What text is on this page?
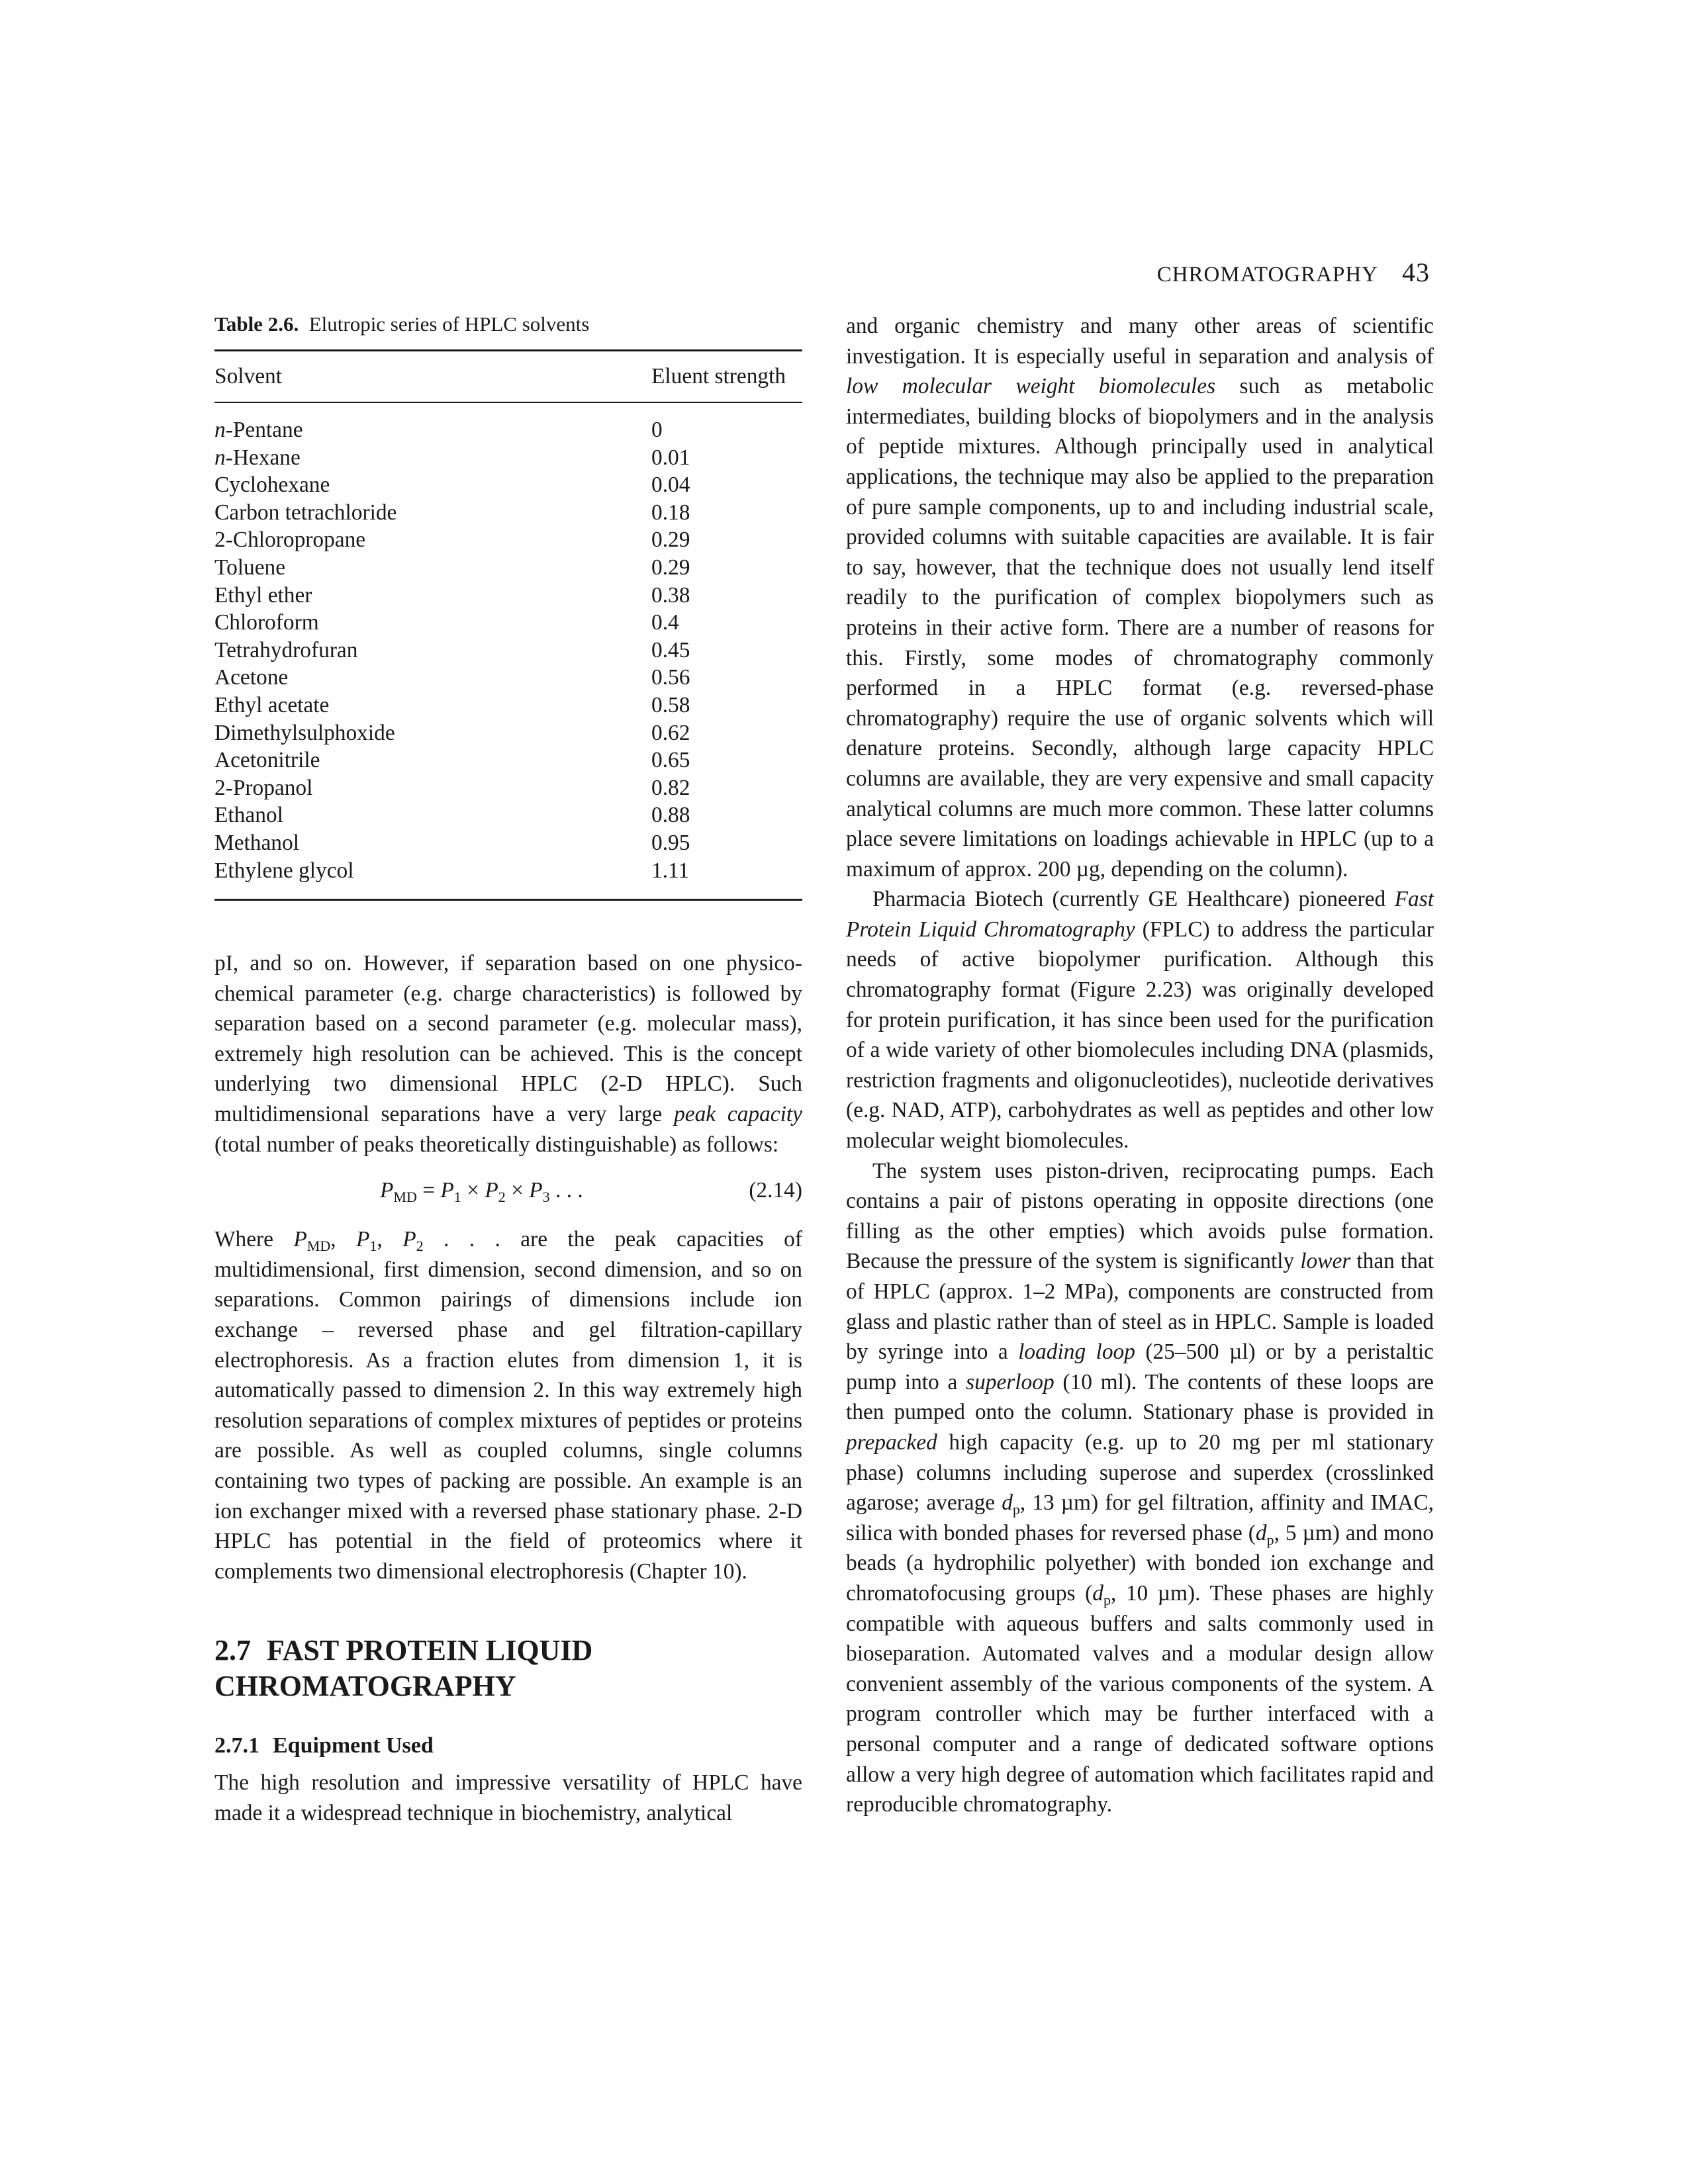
CHROMATOGRAPHY 43
Table 2.6. Elutropic series of HPLC solvents
Solvent	Eluent strength
n-Pentane	0
n-Hexane	0.01
Cyclohexane	0.04
Carbon tetrachloride	0.18
2-Chloropropane	0.29
Toluene	0.29
Ethyl ether	0.38
Chloroform	0.4
Tetrahydrofuran	0.45
Acetone	0.56
Ethyl acetate	0.58
Dimethylsulphoxide	0.62
Acetonitrile	0.65
2-Propanol	0.82
Ethanol	0.88
Methanol	0.95
Ethylene glycol	1.11

pI, and so on. However, if separation based on one physico-chemical parameter (e.g. charge characteristics) is followed by separation based on a second parameter (e.g. molecular mass), extremely high resolution can be achieved. This is the concept underlying two dimensional HPLC (2-D HPLC). Such multidimensional separations have a very large peak capacity (total number of peaks theoretically distinguishable) as follows:

$P_{MD} = P_1 \times P_2 \times P_3$ . . .	(2.14)

Where $P_{MD}$, $P_1$, $P_2$ . . . are the peak capacities of multidimensional, first dimension, second dimension, and so on separations. Common pairings of dimensions include ion exchange – reversed phase and gel filtration-capillary electrophoresis. As a fraction elutes from dimension 1, it is automatically passed to dimension 2. In this way extremely high resolution separations of complex mixtures of peptides or proteins are possible. As well as coupled columns, single columns containing two types of packing are possible. An example is an ion exchanger mixed with a reversed phase stationary phase. 2-D HPLC has potential in the field of proteomics where it complements two dimensional electrophoresis (Chapter 10).

2.7 FAST PROTEIN LIQUID CHROMATOGRAPHY
2.7.1 Equipment Used

The high resolution and impressive versatility of HPLC have made it a widespread technique in biochemistry, analytical

and organic chemistry and many other areas of scientific investigation. It is especially useful in separation and analysis of low molecular weight biomolecules such as metabolic intermediates, building blocks of biopolymers and in the analysis of peptide mixtures. Although principally used in analytical applications, the technique may also be applied to the preparation of pure sample components, up to and including industrial scale, provided columns with suitable capacities are available. It is fair to say, however, that the technique does not usually lend itself readily to the purification of complex biopolymers such as proteins in their active form. There are a number of reasons for this. Firstly, some modes of chromatography commonly performed in a HPLC format (e.g. reversed-phase chromatography) require the use of organic solvents which will denature proteins. Secondly, although large capacity HPLC columns are available, they are very expensive and small capacity analytical columns are much more common. These latter columns place severe limitations on loadings achievable in HPLC (up to a maximum of approx. 200 µg, depending on the column).

Pharmacia Biotech (currently GE Healthcare) pioneered Fast Protein Liquid Chromatography (FPLC) to address the particular needs of active biopolymer purification. Although this chromatography format (Figure 2.23) was originally developed for protein purification, it has since been used for the purification of a wide variety of other biomolecules including DNA (plasmids, restriction fragments and oligonucleotides), nucleotide derivatives (e.g. NAD, ATP), carbohydrates as well as peptides and other low molecular weight biomolecules.

The system uses piston-driven, reciprocating pumps. Each contains a pair of pistons operating in opposite directions (one filling as the other empties) which avoids pulse formation. Because the pressure of the system is significantly lower than that of HPLC (approx. 1–2 MPa), components are constructed from glass and plastic rather than of steel as in HPLC. Sample is loaded by syringe into a loading loop (25–500 µl) or by a peristaltic pump into a superloop (10 ml). The contents of these loops are then pumped onto the column. Stationary phase is provided in prepacked high capacity (e.g. up to 20 mg per ml stationary phase) columns including superose and superdex (crosslinked agarose; average $d_p$, 13 µm) for gel filtration, affinity and IMAC, silica with bonded phases for reversed phase ($d_p$, 5 µm) and mono beads (a hydrophilic polyether) with bonded ion exchange and chromatofocusing groups ($d_p$, 10 µm). These phases are highly compatible with aqueous buffers and salts commonly used in bioseparation. Automated valves and a modular design allow convenient assembly of the various components of the system. A program controller which may be further interfaced with a personal computer and a range of dedicated software options allow a very high degree of automation which facilitates rapid and reproducible chromatography.
